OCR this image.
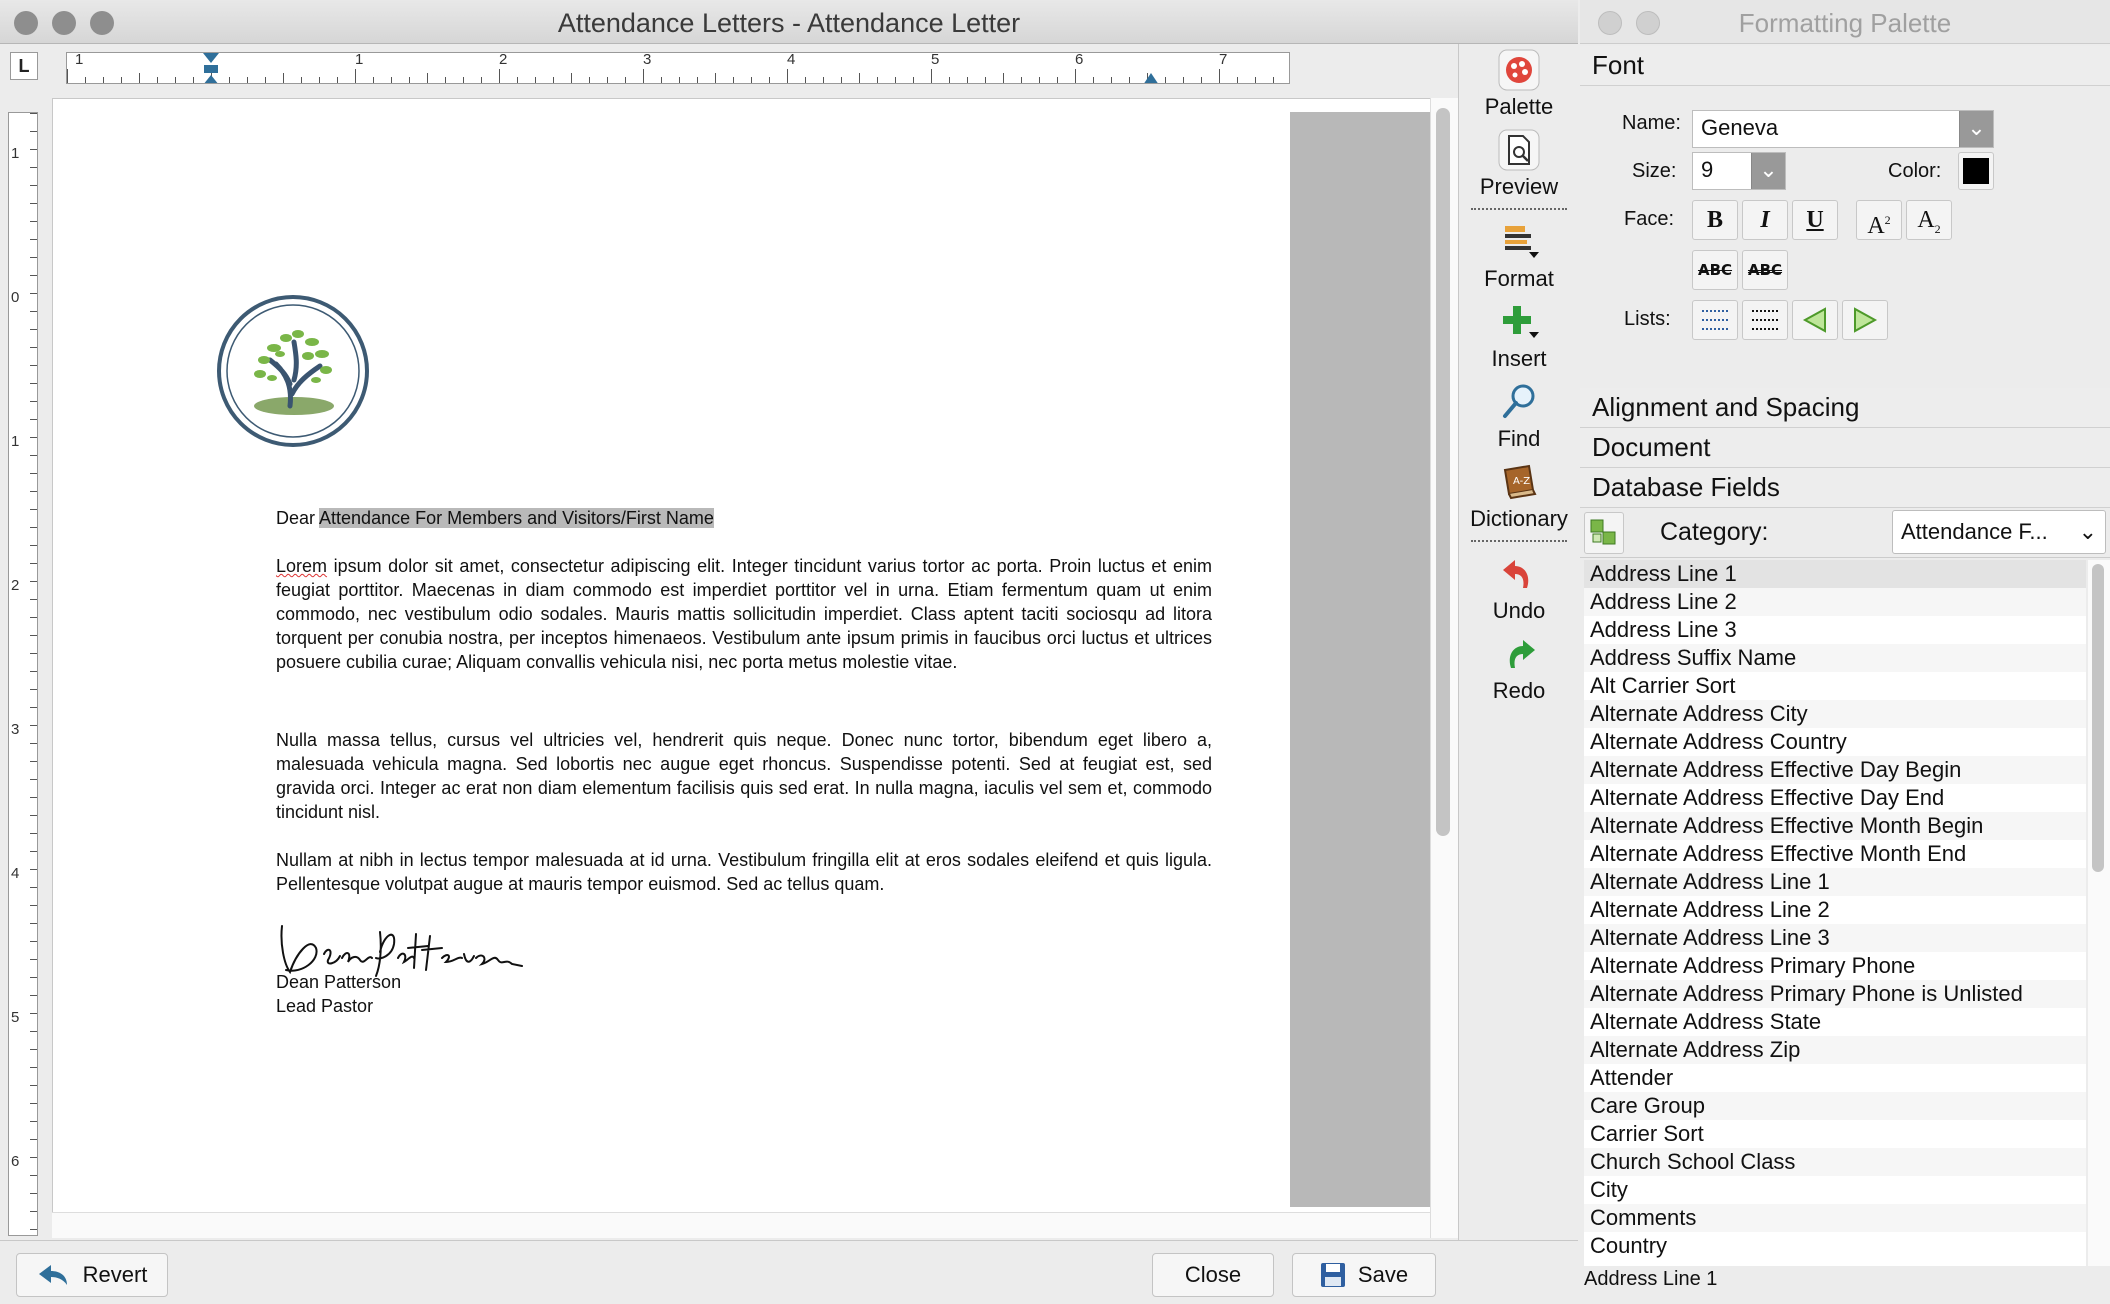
Attendance Letters - Attendance Letter
L	1	1	2	3	4	5	6	7
1
0
1
2
3
4
5
6
Dear Attendance For Members and Visitors/First Name
Lorem ipsum dolor sit amet, consectetur adipiscing elit. Integer tincidunt varius tortor ac porta. Proin luctus et enim feugiat porttitor. Maecenas in diam commodo est imperdiet porttitor vel in urna. Etiam fermentum quam ut enim commodo, nec vestibulum odio sodales. Mauris mattis sollicitudin imperdiet. Class aptent taciti sociosqu ad litora torquent per conubia nostra, per inceptos himenaeos. Vestibulum ante ipsum primis in faucibus orci luctus et ultrices posuere cubilia curae; Aliquam convallis vehicula nisi, nec porta metus molestie vitae.
Nulla massa tellus, cursus vel ultricies vel, hendrerit quis neque. Donec nunc tortor, bibendum eget libero a, malesuada vehicula magna. Sed lobortis nec augue eget rhoncus. Suspendisse potenti. Sed at feugiat est, sed gravida orci. Integer ac erat non diam elementum facilisis quis sed erat. In nulla magna, iaculis vel sem et, commodo tincidunt nisl.
Nullam at nibh in lectus tempor malesuada at id urna. Vestibulum fringilla elit at eros sodales eleifend et quis ligula. Pellentesque volutpat augue at mauris tempor euismod. Sed ac tellus quam.
Dean Patterson
Lead Pastor
Palette
Preview
Format
Insert
Find
A-Z
Dictionary
Undo
Redo
Revert	Close	Save
Formatting Palette
Font
Name: Geneva	⌄
Size:	9	⌄	Color:
Face:	B	I	U	$A^2$	$A_2$
ABC	ABC
Lists:
Alignment and Spacing
Document
Database Fields
Category:	Attendance F... ⌄
Address Line 1
Address Line 2
Address Line 3
Address Suffix Name
Alt Carrier Sort
Alternate Address City
Alternate Address Country
Alternate Address Effective Day Begin
Alternate Address Effective Day End
Alternate Address Effective Month Begin
Alternate Address Effective Month End
Alternate Address Line 1
Alternate Address Line 2
Alternate Address Line 3
Alternate Address Primary Phone
Alternate Address Primary Phone is Unlisted
Alternate Address State
Alternate Address Zip
Attender
Care Group
Carrier Sort
Church School Class
City
Comments
Country
Address Line 1
